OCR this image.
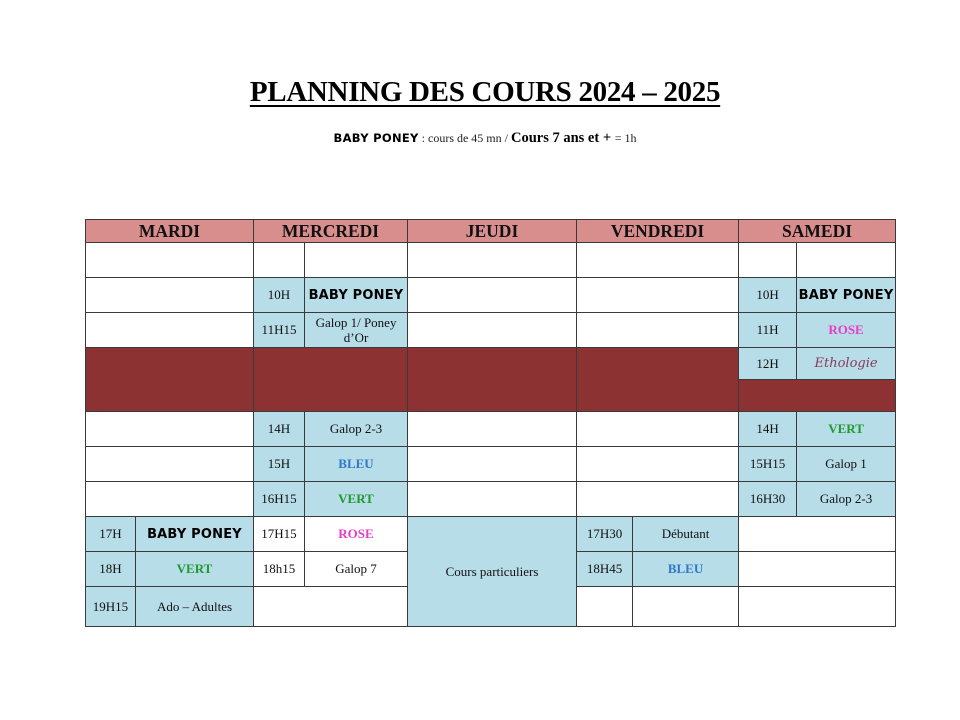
PLANNING DES COURS 2024 – 2025
BABY PONEY : cours de 45 mn / Cours 7 ans et + = 1h
MARDI		MERCREDI		JEUDI	VENDREDI		SAMEDI	

		10H	BABY PONEY				10H	BABY PONEY
		11H15	Galop 1/ Poney d’Or				11H	ROSE
							12H	Ethologie

		14H	Galop 2-3				14H	VERT
		15H	BLEU				15H15	Galop 1
		16H15	VERT				16H30	Galop 2-3
17H	BABY PONEY	17H15	ROSE	Cours particuliers	17H30	Débutant		
18H	VERT	18h15	Galop 7		18H45	BLEU		
19H15	Ado – Adultes							
